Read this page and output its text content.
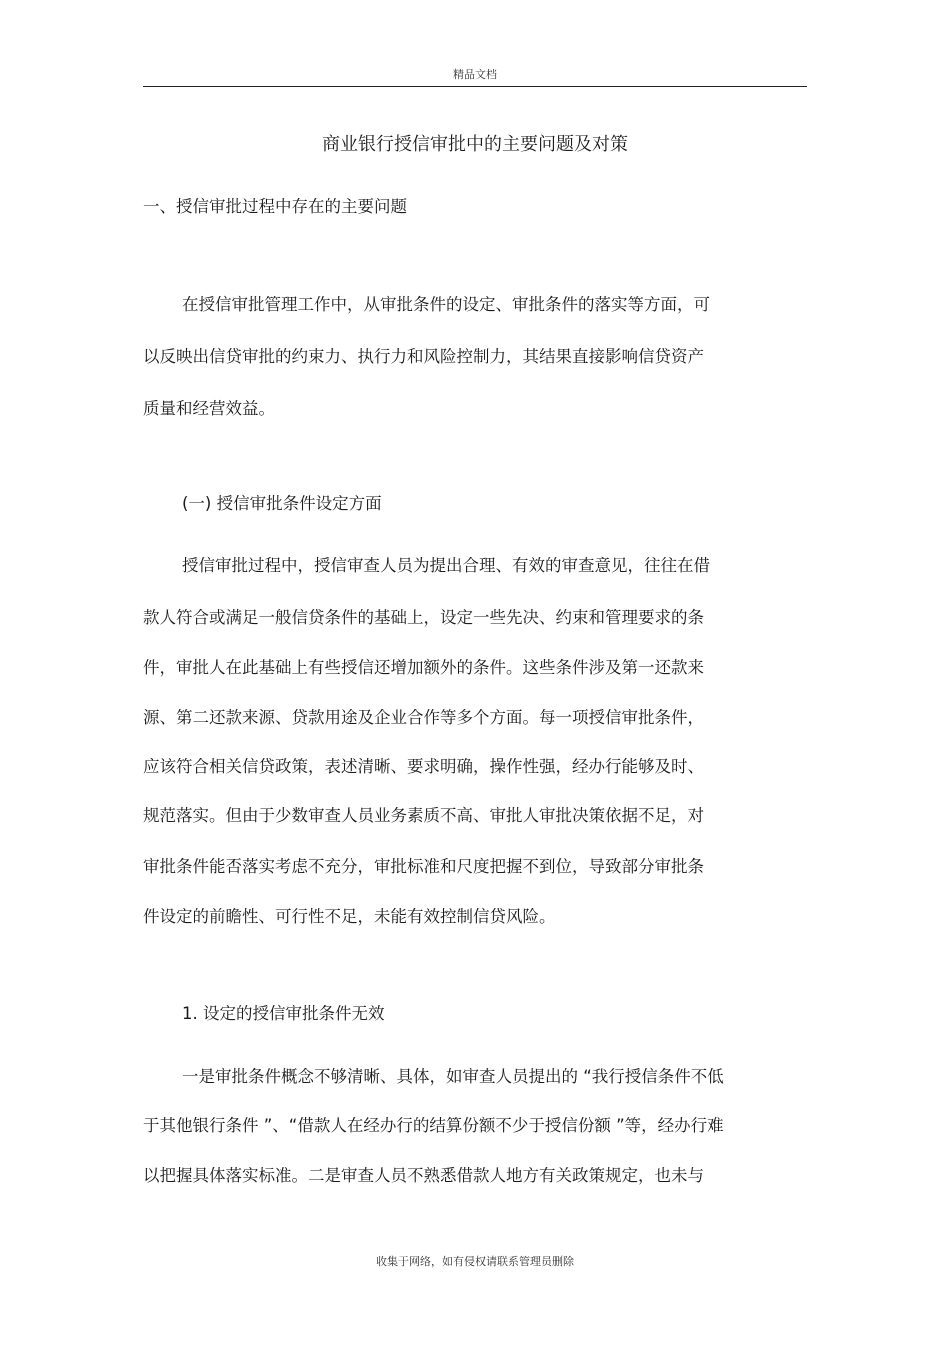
精品文档
商业银行授信审批中的主要问题及对策
一、授信审批过程中存在的主要问题
在授信审批管理工作中，从审批条件的设定、审批条件的落实等方面，可
以反映出信贷审批的约束力、执行力和风险控制力，其结果直接影响信贷资产
质量和经营效益。
(一) 授信审批条件设定方面
授信审批过程中，授信审查人员为提出合理、有效的审查意见，往往在借
款人符合或满足一般信贷条件的基础上，设定一些先决、约束和管理要求的条
件，审批人在此基础上有些授信还增加额外的条件。这些条件涉及第一还款来
源、第二还款来源、贷款用途及企业合作等多个方面。每一项授信审批条件，
应该符合相关信贷政策，表述清晰、要求明确，操作性强，经办行能够及时、
规范落实。但由于少数审查人员业务素质不高、审批人审批决策依据不足，对
审批条件能否落实考虑不充分，审批标准和尺度把握不到位，导致部分审批条
件设定的前瞻性、可行性不足，未能有效控制信贷风险。
1. 设定的授信审批条件无效
一是审批条件概念不够清晰、具体，如审查人员提出的 “我行授信条件不低
于其他银行条件 ”、“借款人在经办行的结算份额不少于授信份额 ”等，经办行难
以把握具体落实标准。二是审查人员不熟悉借款人地方有关政策规定，也未与
收集于网络，如有侵权请联系管理员删除
